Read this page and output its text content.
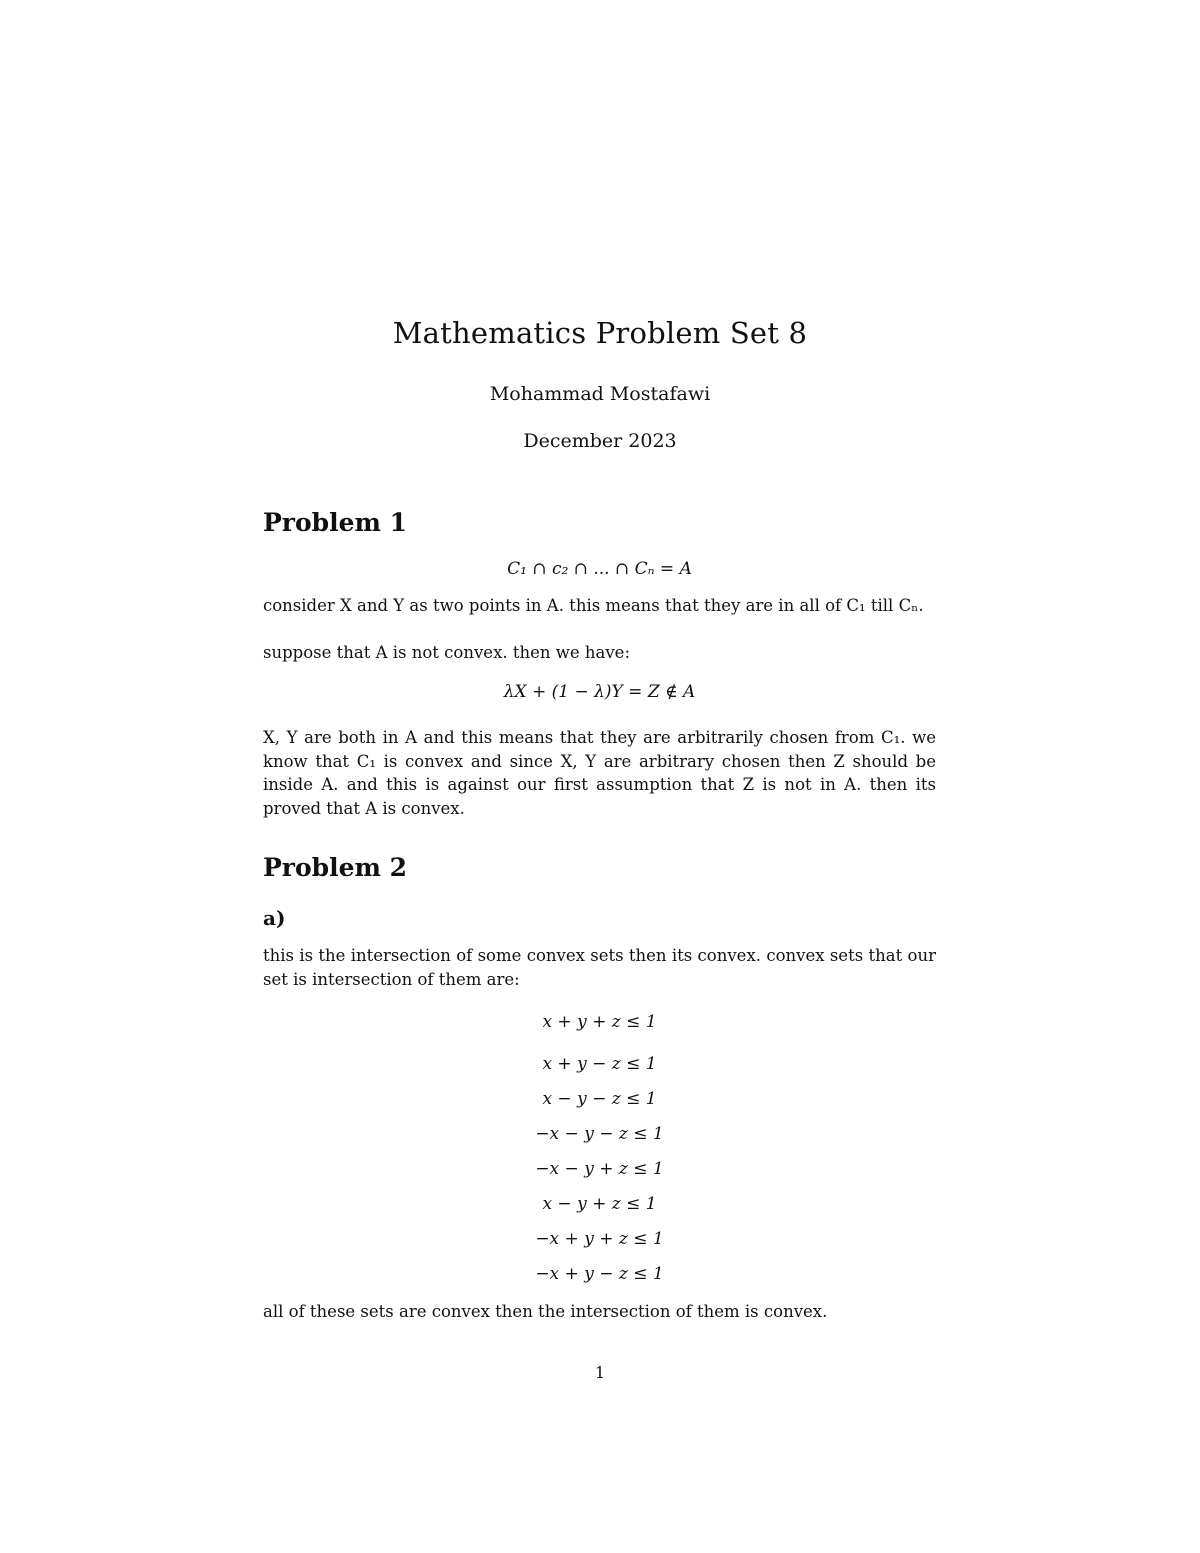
Mathematics Problem Set 8
Mohammad Mostafawi
December 2023
Problem 1
C₁ ∩ c₂ ∩ ... ∩ Cₙ = A

consider X and Y as two points in A. this means that they are in all of C₁ till Cₙ.

suppose that A is not convex. then we have:

λX + (1 − λ)Y = Z ∉ A

X, Y are both in A and this means that they are arbitrarily chosen from C₁. we know that C₁ is convex and since X, Y are arbitrary chosen then Z should be inside A. and this is against our first assumption that Z is not in A. then its proved that A is convex.

Problem 2
a)

this is the intersection of some convex sets then its convex. convex sets that our set is intersection of them are:

x + y + z ≤ 1
x + y − z ≤ 1
x − y − z ≤ 1
−x − y − z ≤ 1
−x − y + z ≤ 1
x − y + z ≤ 1
−x + y + z ≤ 1
−x + y − z ≤ 1

all of these sets are convex then the intersection of them is convex.

1
